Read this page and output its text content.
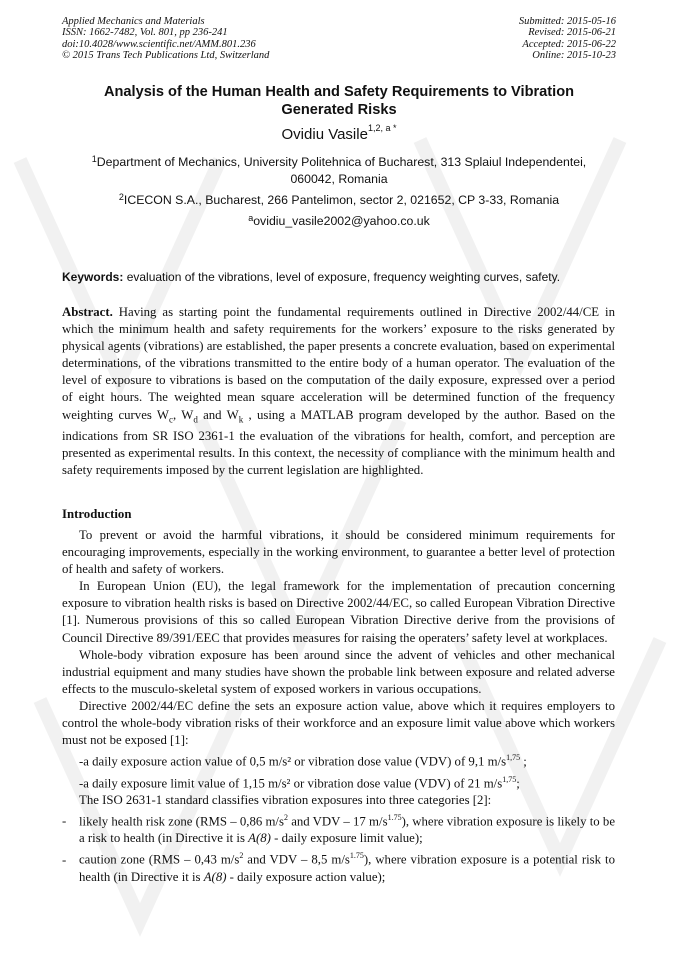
Applied Mechanics and Materials
ISSN: 1662-7482, Vol. 801, pp 236-241
doi:10.4028/www.scientific.net/AMM.801.236
© 2015 Trans Tech Publications Ltd, Switzerland
Submitted: 2015-05-16
Revised: 2015-06-21
Accepted: 2015-06-22
Online: 2015-10-23
Analysis of the Human Health and Safety Requirements to Vibration
Generated Risks
Ovidiu Vasile$^{1,2, a *}$
$^1$Department of Mechanics, University Politehnica of Bucharest, 313 Splaiul Independentei,
060042, Romania
$^2$ICECON S.A., Bucharest, 266 Pantelimon, sector 2, 021652, CP 3-33, Romania
$^a$ovidiu_vasile2002@yahoo.co.uk
Keywords: evaluation of the vibrations, level of exposure, frequency weighting curves, safety.
Abstract. Having as starting point the fundamental requirements outlined in Directive 2002/44/CE in which the minimum health and safety requirements for the workers’ exposure to the risks generated by physical agents (vibrations) are established, the paper presents a concrete evaluation, based on experimental determinations, of the vibrations transmitted to the entire body of a human operator. The evaluation of the level of exposure to vibrations is based on the computation of the daily exposure, expressed over a period of eight hours. The weighted mean square acceleration will be determined function of the frequency weighting curves $W_c$, $W_d$ and $W_k$ , using a MATLAB program developed by the author. Based on the indications from SR ISO 2361-1 the evaluation of the vibrations for health, comfort, and perception are presented as experimental results. In this context, the necessity of compliance with the minimum health and safety requirements imposed by the current legislation are highlighted.
Introduction

To prevent or avoid the harmful vibrations, it should be considered minimum requirements for encouraging improvements, especially in the working environment, to guarantee a better level of protection of health and safety of workers.

In European Union (EU), the legal framework for the implementation of precaution concerning exposure to vibration health risks is based on Directive 2002/44/EC, so called European Vibration Directive [1]. Numerous provisions of this so called European Vibration Directive derive from the provisions of Council Directive 89/391/EEC that provides measures for raising the operaters’ safety level at workplaces.

Whole-body vibration exposure has been around since the advent of vehicles and other mechanical industrial equipment and many studies have shown the probable link between exposure and related adverse effects to the musculo-skeletal system of exposed workers in various occupations.

Directive 2002/44/EC define the sets an exposure action value, above which it requires employers to control the whole-body vibration risks of their workforce and an exposure limit value above which workers must not be exposed [1]:

-a daily exposure action value of 0,5 m/s² or vibration dose value (VDV) of 9,1 $m/s^{1,75}$ ;

-a daily exposure limit value of 1,15 m/s² or vibration dose value (VDV) of 21 $m/s^{1,75}$;

The ISO 2631-1 standard classifies vibration exposures into three categories [2]:

- likely health risk zone (RMS – 0,86 $m/s^2$ and VDV – 17 $m/s^{1.75}$), where vibration exposure is likely to be a risk to health (in Directive it is A(8) - daily exposure limit value);
- caution zone (RMS – 0,43 $m/s^2$ and VDV – 8,5 $m/s^{1.75}$), where vibration exposure is a potential risk to health (in Directive it is A(8) - daily exposure action value);
